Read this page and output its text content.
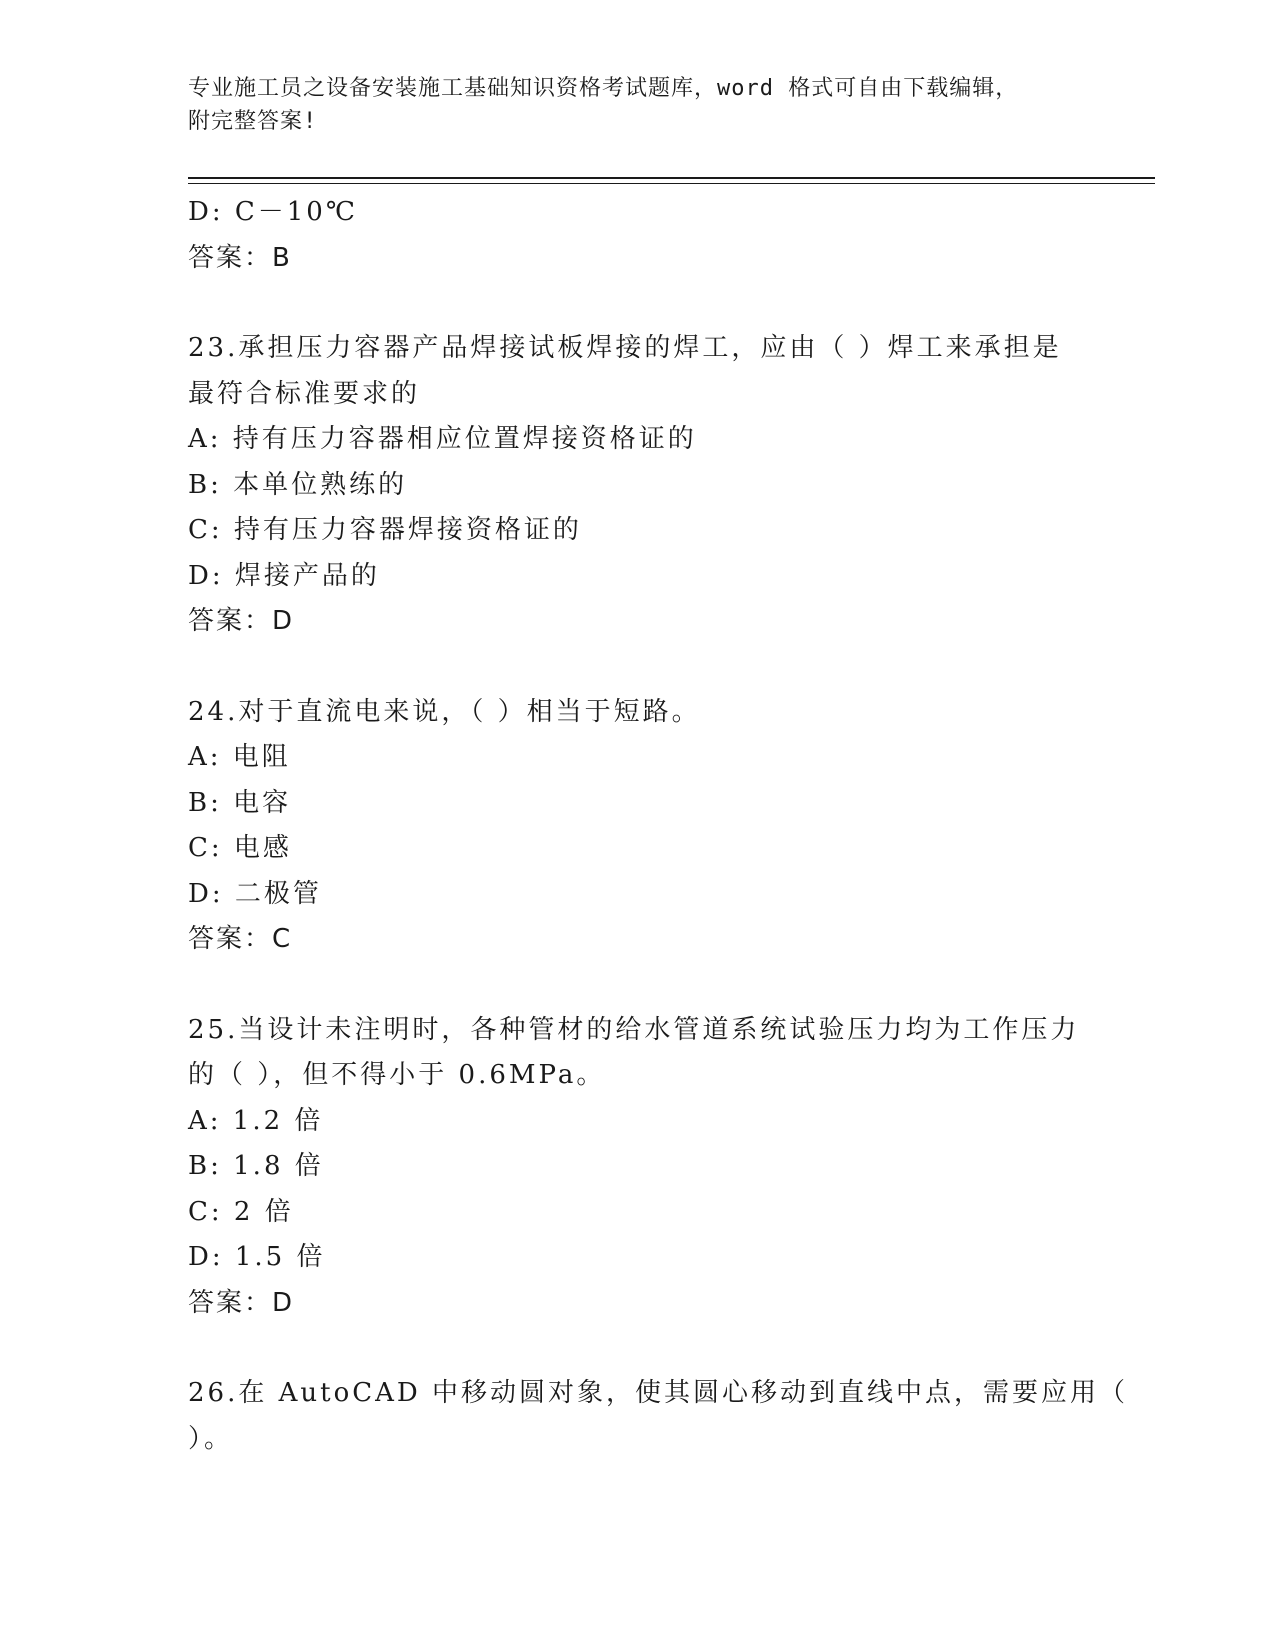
专业施工员之设备安装施工基础知识资格考试题库，word 格式可自由下载编辑，
附完整答案!
D: C－10℃
答案：B
23.承担压力容器产品焊接试板焊接的焊工，应由（ ）焊工来承担是
最符合标准要求的
A: 持有压力容器相应位置焊接资格证的
B: 本单位熟练的
C: 持有压力容器焊接资格证的
D: 焊接产品的
答案：D
24.对于直流电来说，（ ）相当于短路。
A: 电阻
B: 电容
C: 电感
D: 二极管
答案：C
25.当设计未注明时，各种管材的给水管道系统试验压力均为工作压力
的（ ），但不得小于 0.6MPa。
A: 1.2 倍
B: 1.8 倍
C: 2 倍
D: 1.5 倍
答案：D
26.在 AutoCAD 中移动圆对象，使其圆心移动到直线中点，需要应用（
）。
